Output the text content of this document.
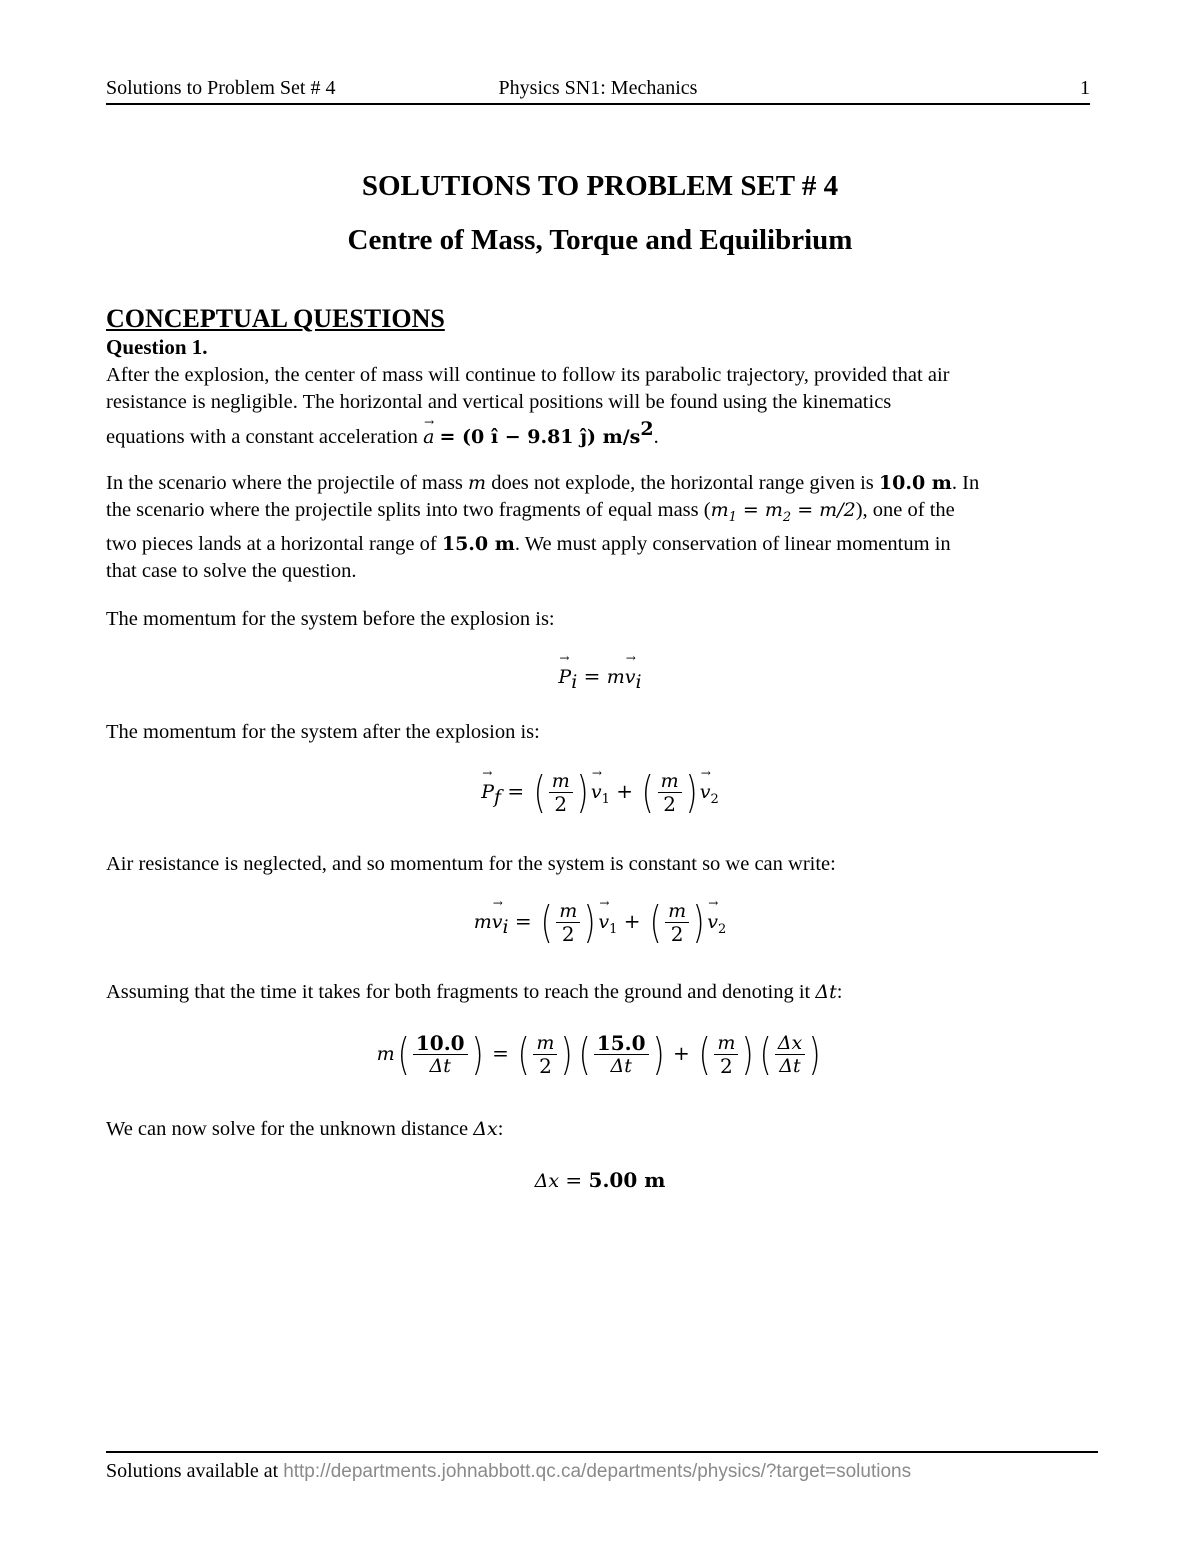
Solutions to Problem Set # 4	Physics SN1: Mechanics	1
SOLUTIONS TO PROBLEM SET # 4
Centre of Mass, Torque and Equilibrium
CONCEPTUAL QUESTIONS
Question 1.
After the explosion, the center of mass will continue to follow its parabolic trajectory, provided that air
resistance is negligible. The horizontal and vertical positions will be found using the kinematics
equations with a constant acceleration → a = (0 î − 9.81 ĵ) $m/s^2$.
In the scenario where the projectile of mass m does not explode, the horizontal range given is 10.0 m. In
the scenario where the projectile splits into two fragments of equal mass $(m_1 = m_2 = m/2)$, one of the
two pieces lands at a horizontal range of 15.0 m. We must apply conservation of linear momentum in
that case to solve the question.
The momentum for the system before the explosion is:
→ $P_i = m\to v_i$
The momentum for the system after the explosion is:
→ $P_f$ = ( $\frac{m}{2}$ ) → $v_1$ + ( $\frac{m}{2}$ ) → $v_2$
Air resistance is neglected, and so momentum for the system is constant so we can write:
$m\to v_i$ = ( $\frac{m}{2}$ ) → $v_1$ + ( $\frac{m}{2}$ ) → $v_2$
Assuming that the time it takes for both fragments to reach the ground and denoting it Δt:
$m( \frac{10.0}{\Delta t}$ ) = ( $\frac{m}{2}$ ) ( $\frac{15.0}{\Delta t}$ ) + ( $\frac{m}{2}$ ) ( $\frac{\Delta x}{\Delta t}$ )
We can now solve for the unknown distance Δx:
Δx = 5.00 m
Solutions available at http://departments.johnabbott.qc.ca/departments/physics/?target=solutions
